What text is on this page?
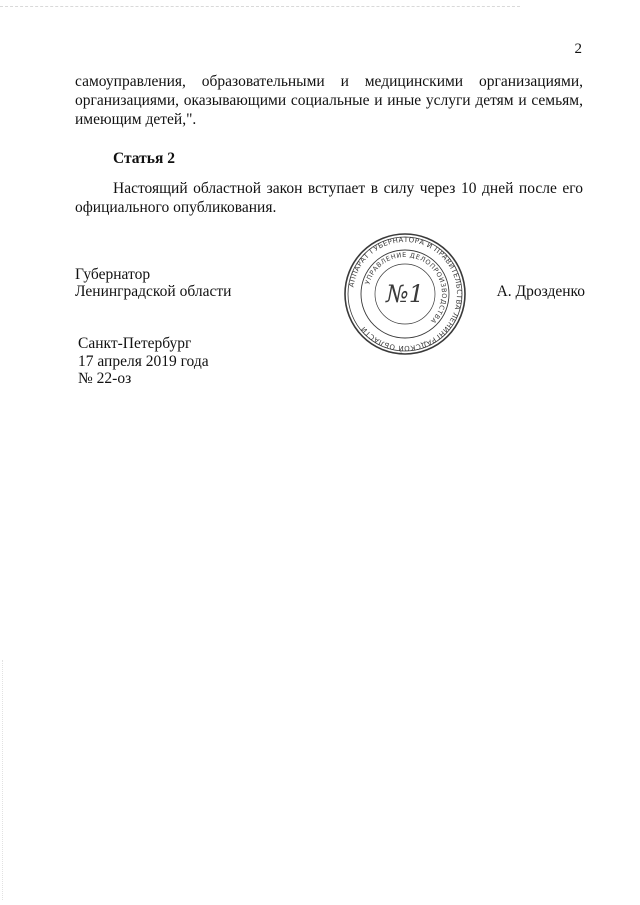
2

самоуправления, образовательными и медицинскими организациями, организациями, оказывающими социальные и иные услуги детям и семьям, имеющим детей,".

Статья 2

Настоящий областной закон вступает в силу через 10 дней после его официального опубликования.

Губернатор
Ленинградской области	АППАРАТ ГУБЕРНАТОРА И ПРАВИТЕЛЬСТВА ЛЕНИНГРАДСКОЙ ОБЛАСТИ
УПРАВЛЕНИЕ ДЕЛОПРОИЗВОДСТВА
№1	А. Дрозденко
Санкт-Петербург
17 апреля 2019 года
№ 22-оз
